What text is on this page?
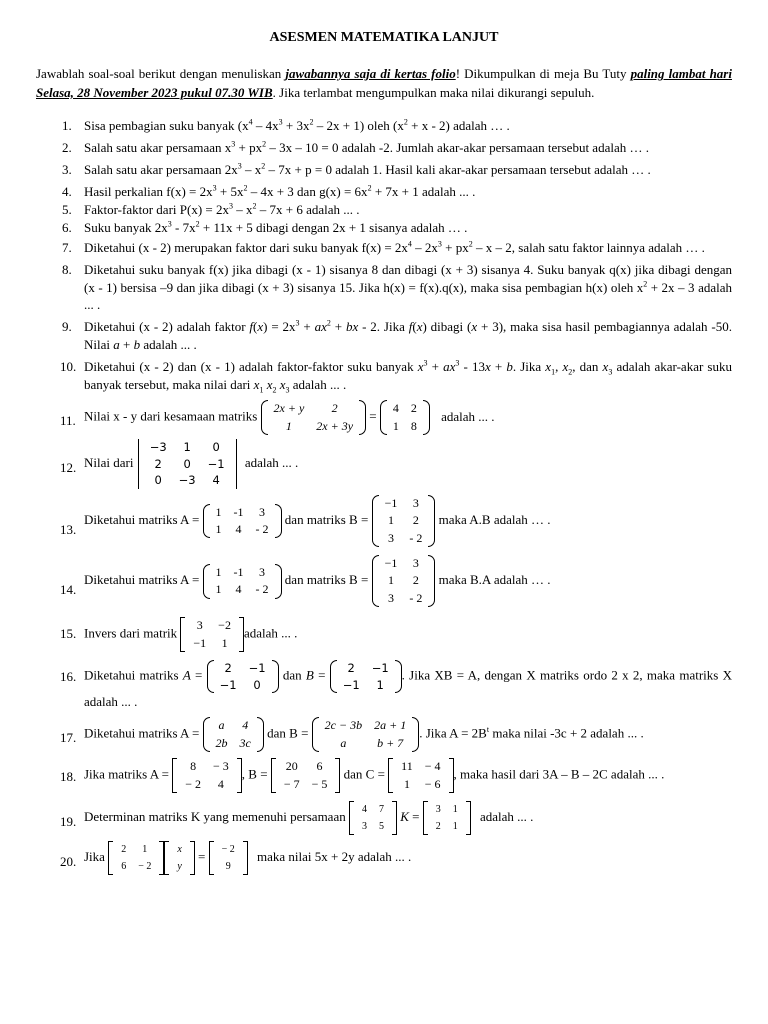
ASESMEN MATEMATIKA LANJUT
Jawablah soal-soal berikut dengan menuliskan jawabannya saja di kertas folio! Dikumpulkan di meja Bu Tuty paling lambat hari Selasa, 28 November 2023 pukul 07.30 WIB. Jika terlambat mengumpulkan maka nilai dikurangi sepuluh.
1. Sisa pembagian suku banyak $(x^4 - 4x^3 + 3x^2 - 2x + 1)$ oleh $(x^2 + x - 2)$ adalah … .
2. Salah satu akar persamaan $x^3 + px^2 - 3x - 10 = 0$ adalah -2. Jumlah akar-akar persamaan tersebut adalah … .
3. Salah satu akar persamaan $2x^3 - x^2 - 7x + p = 0$ adalah 1. Hasil kali akar-akar persamaan tersebut adalah … .
4. Hasil perkalian $f(x) = 2x^3 + 5x^2 - 4x + 3$ dan $g(x) = 6x^2 + 7x + 1$ adalah ... .
5. Faktor-faktor dari $P(x) = 2x^3 - x^2 - 7x + 6$ adalah ... .
6. Suku banyak $2x^3 - 7x^2 + 11x + 5$ dibagi dengan 2x + 1 sisanya adalah … .
7. Diketahui (x - 2) merupakan faktor dari suku banyak $f(x) = 2x^4 - 2x^3 + px^2 - x - 2$, salah satu faktor lainnya adalah … .
8. Diketahui suku banyak f(x) jika dibagi (x - 1) sisanya 8 dan dibagi (x + 3) sisanya 4. Suku banyak q(x) jika dibagi dengan (x - 1) bersisa –9 dan jika dibagi (x + 3) sisanya 15. Jika h(x) = f(x).q(x), maka sisa pembagian h(x) oleh $x^2 + 2x - 3$ adalah ... .
9. Diketahui (x - 2) adalah faktor $f(x) = 2x^3 + ax^2$ + bx - 2. Jika f(x) dibagi (x + 3), maka sisa hasil pembagiannya adalah -50. Nilai a + b adalah ... .
10. Diketahui (x - 2) dan (x - 1) adalah faktor-faktor suku banyak $x^3 + ax^3 - 13x + b$. Jika $x_1$, $x_2$, dan $x_3$ adalah akar-akar suku banyak tersebut, maka nilai dari $x_1$ $x_2$ $x_3$ adalah ... .
11. Nilai x - y dari kesamaan matriks
2x + y	2
1	2x + 3y
=
4	2
1	8
adalah ... .
12. Nilai dari
−3	1	0
2	0	−1
0	−3	4
adalah ... .
13.
Diketahui matriks A =
1	-1	3
1	4	- 2
dan matriks B =
−1	3
1	2
3	- 2
maka A.B adalah … .
14.
Diketahui matriks A =
1	-1	3
1	4	- 2
dan matriks B =
−1	3
1	2
3	- 2
maka B.A adalah … .
15. Invers dari matrik
3	−2
−1	1
adalah ... .
16. Diketahui matriks A = 2	−1
−1	0
dan B = 2	−1
−1	1
. Jika XB = A, dengan X matriks ordo 2 x 2, maka matriks X adalah ... .
17. Diketahui matriks A =
a	4
2b	3c
dan B =
2c − 3b	2a + 1
a	b + 7
. Jika $A = 2B^t$ maka nilai -3c + 2 adalah ... .
18. Jika matriks A =
8	− 3
− 2	4
, B =
20	6
− 7	− 5
dan C =
11	− 4
1	− 6
, maka hasil dari 3A – B – 2C adalah ... .
19. Determinan matriks K yang memenuhi persamaan 4	7
3	5
K = 3	1
2	1
adalah ... .
20. Jika 2	1
6	− 2
x
y
= − 2
9
maka nilai 5x + 2y adalah ... .
